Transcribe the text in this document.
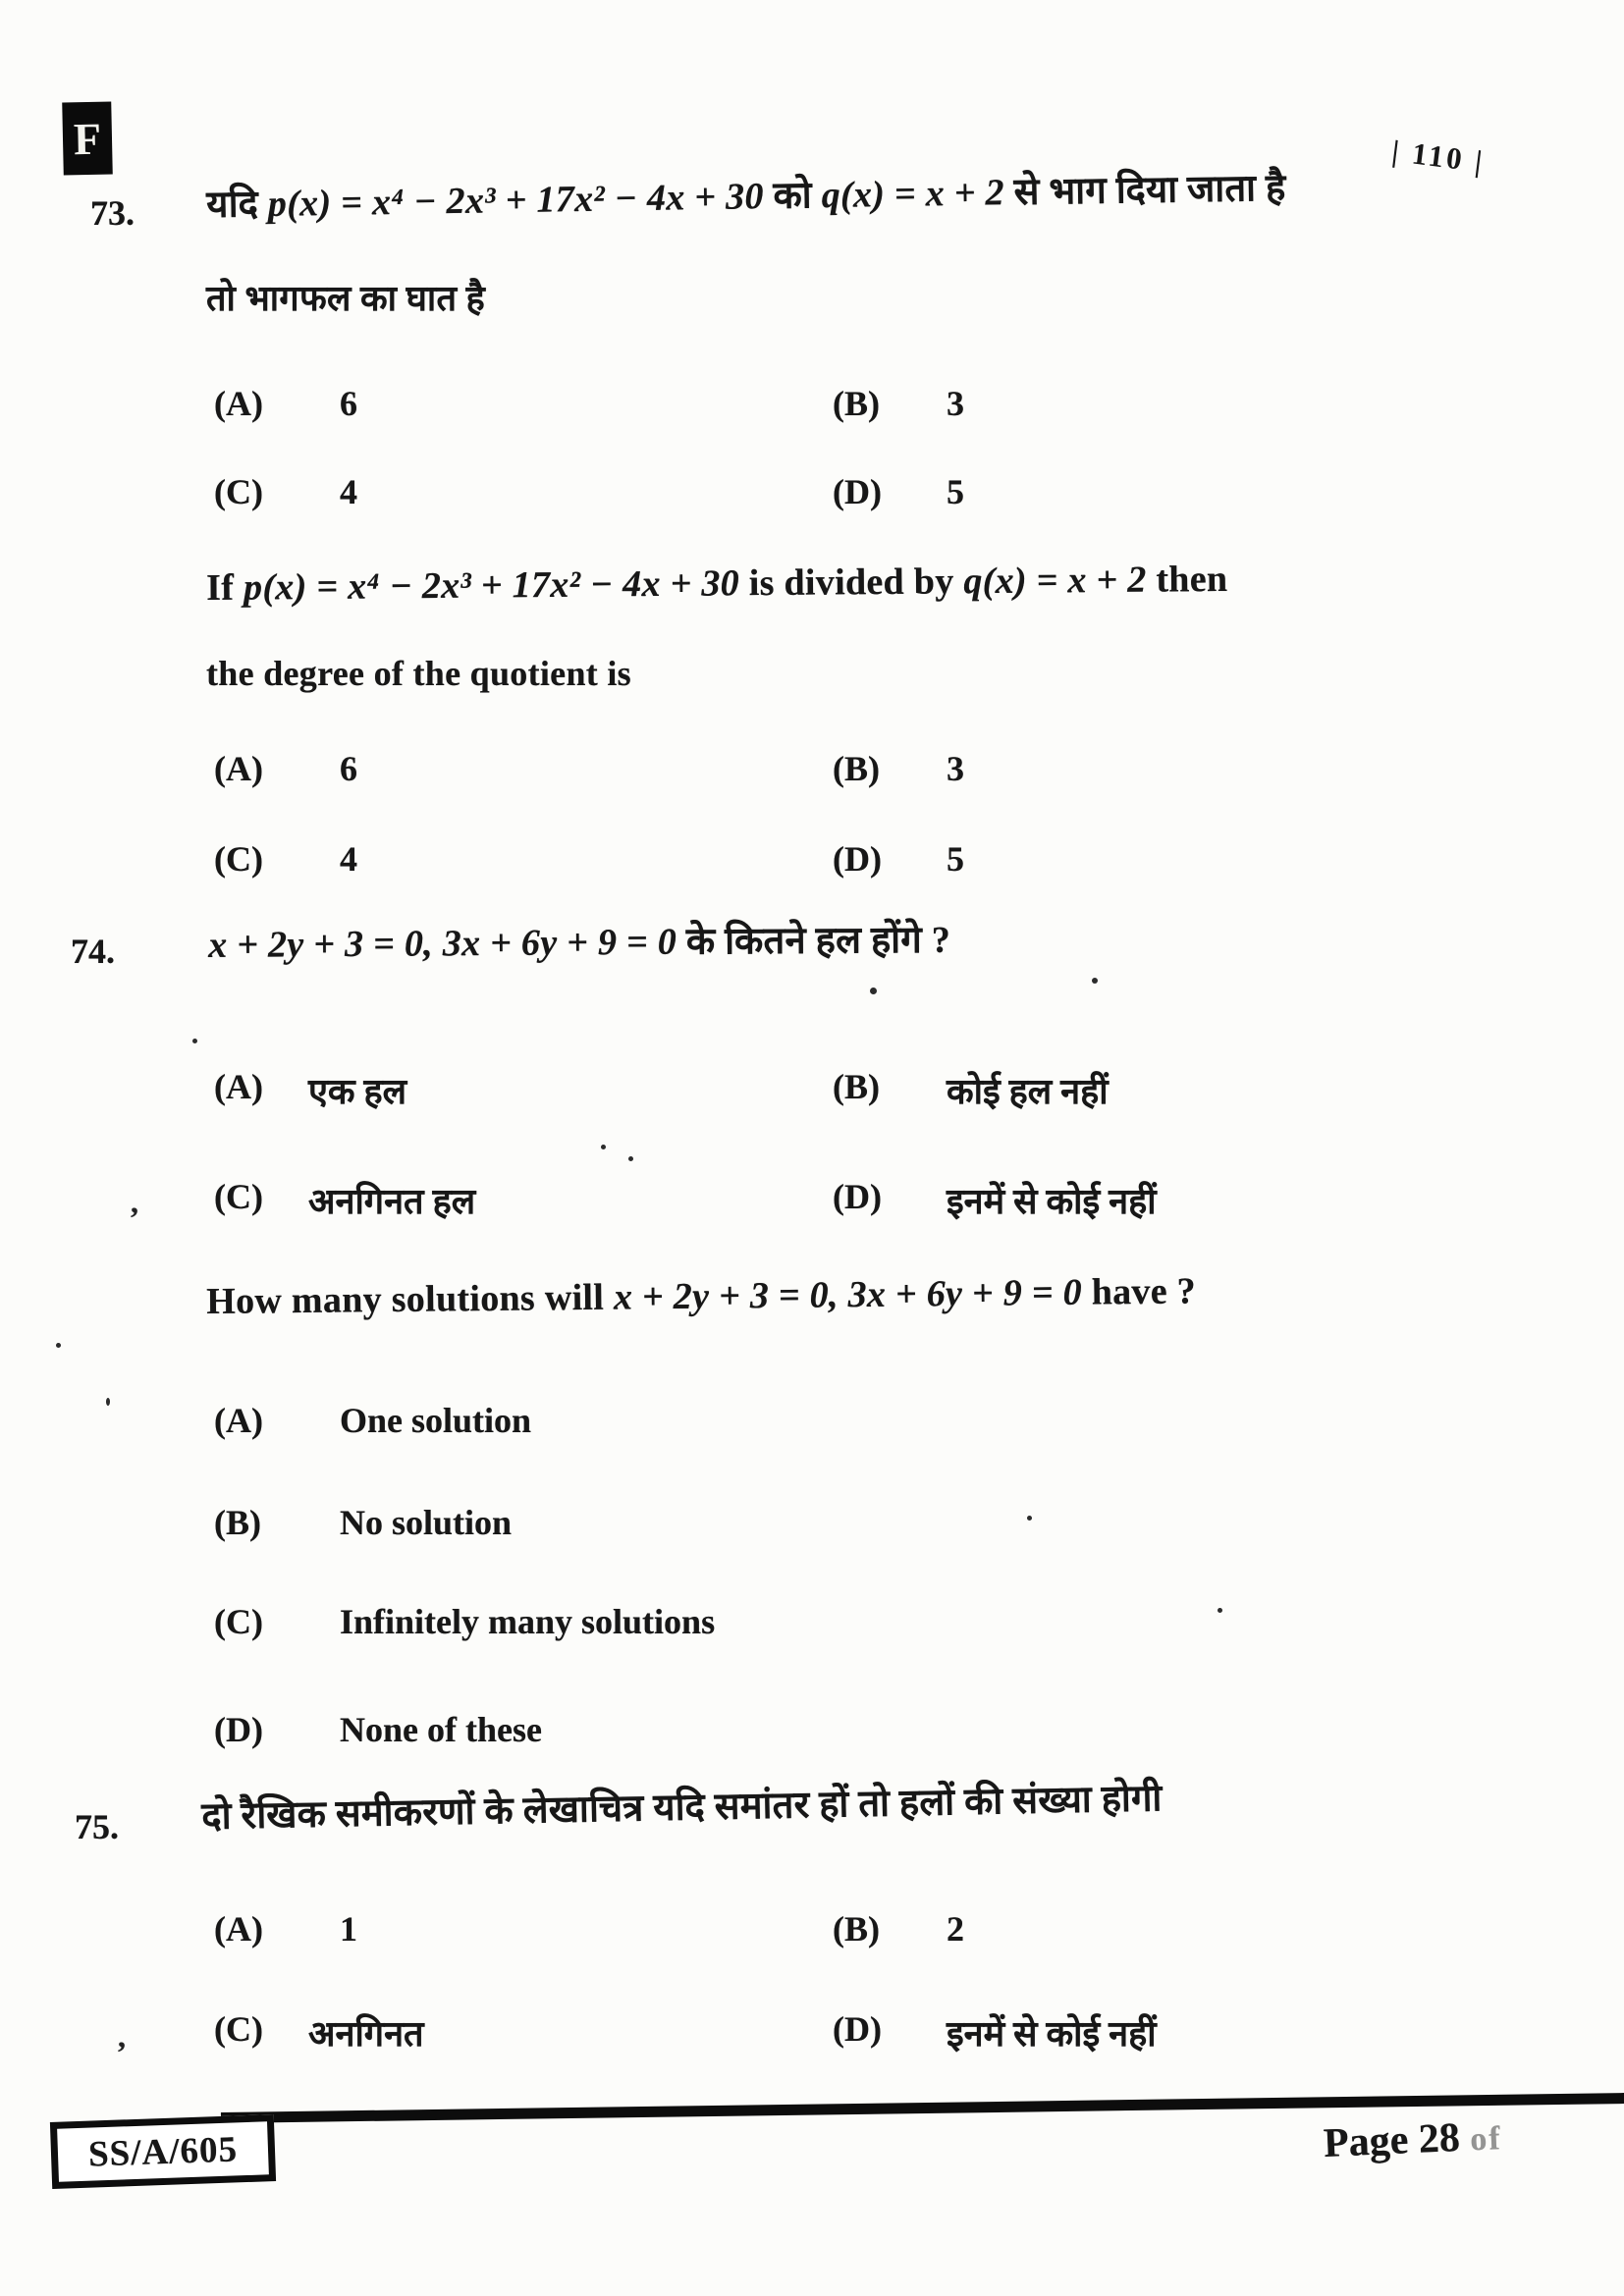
F	| 110 |
73. यदि p(x) = x⁴ − 2x³ + 17x² − 4x + 30 को q(x) = x + 2 से भाग दिया जाता है
तो भागफल का घात है
(A) 6	(B) 3
(C) 4	(D) 5
If p(x) = x⁴ − 2x³ + 17x² − 4x + 30 is divided by q(x) = x + 2 then
the degree of the quotient is
(A) 6	(B) 3
(C) 4	(D) 5
74.	x + 2y + 3 = 0, 3x + 6y + 9 = 0 के कितने हल होंगे ?
(A) एक हल	(B) कोई हल नहीं
(C) अनगिनत हल	(D) इनमें से कोई नहीं
How many solutions will x + 2y + 3 = 0, 3x + 6y + 9 = 0 have ?
(A) One solution
(B) No solution
(C) Infinitely many solutions
(D) None of these
75. दो रैखिक समीकरणों के लेखाचित्र यदि समांतर हों तो हलों की संख्या होगी
(A) 1	(B) 2
(C) अनगिनत	(D) इनमें से कोई नहीं
SS/A/605	Page 28 of
,
,
